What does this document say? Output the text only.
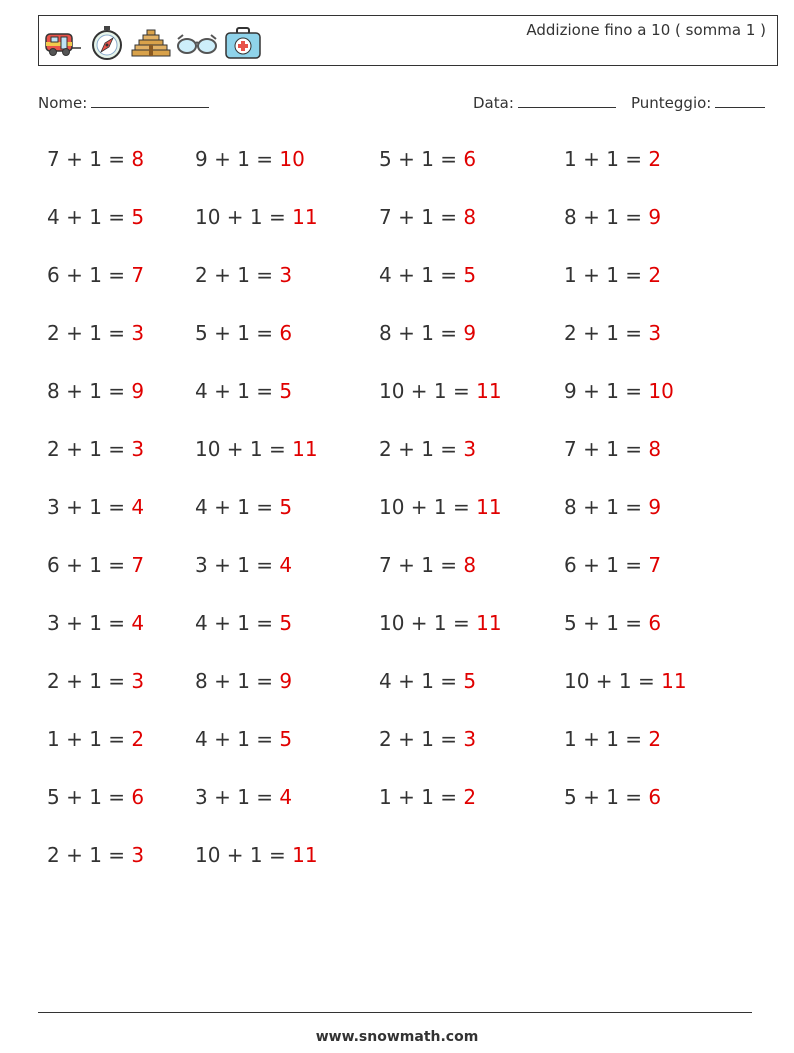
Addizione fino a 10 ( somma 1 )
Nome:	Data:	Punteggio:
7 + 1 = 8	9 + 1 = 10	5 + 1 = 6	1 + 1 = 2
4 + 1 = 5	10 + 1 = 11	7 + 1 = 8	8 + 1 = 9
6 + 1 = 7	2 + 1 = 3	4 + 1 = 5	1 + 1 = 2
2 + 1 = 3	5 + 1 = 6	8 + 1 = 9	2 + 1 = 3
8 + 1 = 9	4 + 1 = 5	10 + 1 = 11	9 + 1 = 10
2 + 1 = 3	10 + 1 = 11	2 + 1 = 3	7 + 1 = 8
3 + 1 = 4	4 + 1 = 5	10 + 1 = 11	8 + 1 = 9
6 + 1 = 7	3 + 1 = 4	7 + 1 = 8	6 + 1 = 7
3 + 1 = 4	4 + 1 = 5	10 + 1 = 11	5 + 1 = 6
2 + 1 = 3	8 + 1 = 9	4 + 1 = 5	10 + 1 = 11
1 + 1 = 2	4 + 1 = 5	2 + 1 = 3	1 + 1 = 2
5 + 1 = 6	3 + 1 = 4	1 + 1 = 2	5 + 1 = 6
2 + 1 = 3	10 + 1 = 11
www.snowmath.com
